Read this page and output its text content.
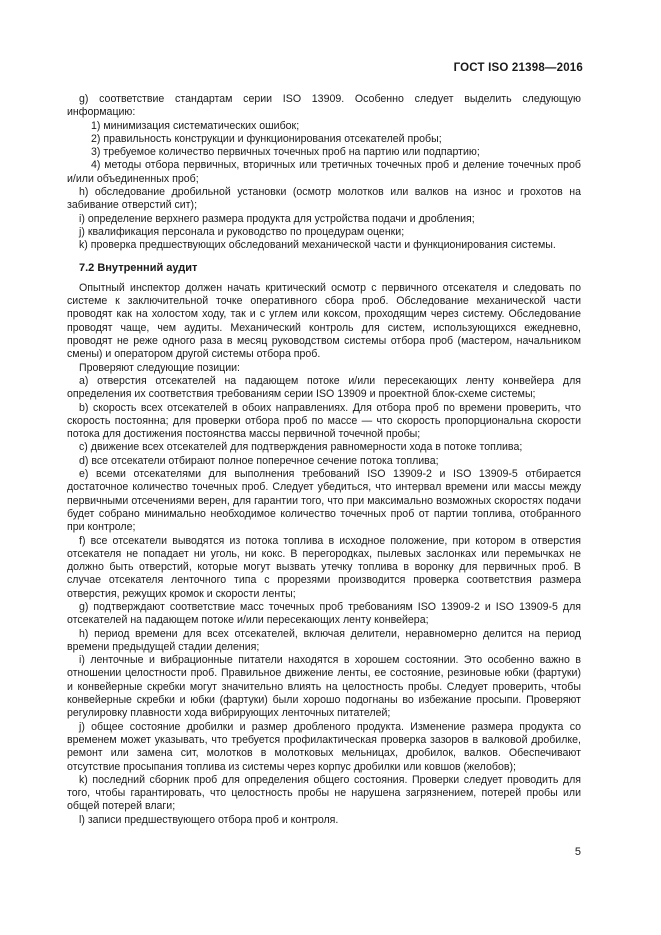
ГОСТ ISO 21398—2016

g) соответствие стандартам серии ISO 13909. Особенно следует выделить следующую информацию:

1) минимизация систематических ошибок;

2) правильность конструкции и функционирования отсекателей пробы;

3) требуемое количество первичных точечных проб на партию или подпартию;

4) методы отбора первичных, вторичных или третичных точечных проб и деление точечных проб и/или объединенных проб;

h) обследование дробильной установки (осмотр молотков или валков на износ и грохотов на забивание отверстий сит);

i) определение верхнего размера продукта для устройства подачи и дробления;

j) квалификация персонала и руководство по процедурам оценки;

k) проверка предшествующих обследований механической части и функционирования системы.

7.2 Внутренний аудит

Опытный инспектор должен начать критический осмотр с первичного отсекателя и следовать по системе к заключительной точке оперативного сбора проб. Обследование механической части проводят как на холостом ходу, так и с углем или коксом, проходящим через систему. Обследование проводят чаще, чем аудиты. Механический контроль для систем, использующихся ежедневно, проводят не реже одного раза в месяц руководством системы отбора проб (мастером, начальником смены) и оператором другой системы отбора проб.

Проверяют следующие позиции:

a) отверстия отсекателей на падающем потоке и/или пересекающих ленту конвейера для определения их соответствия требованиям серии ISO 13909 и проектной блок-схеме системы;

b) скорость всех отсекателей в обоих направлениях. Для отбора проб по времени проверить, что скорость постоянна; для проверки отбора проб по массе — что скорость пропорциональна скорости потока для достижения постоянства массы первичной точечной пробы;

c) движение всех отсекателей для подтверждения равномерности хода в потоке топлива;

d) все отсекатели отбирают полное поперечное сечение потока топлива;

e) всеми отсекателями для выполнения требований ISO 13909-2 и ISO 13909-5 отбирается достаточное количество точечных проб. Следует убедиться, что интервал времени или массы между первичными отсечениями верен, для гарантии того, что при максимально возможных скоростях подачи будет собрано минимально необходимое количество точечных проб от партии топлива, отобранного при контроле;

f) все отсекатели выводятся из потока топлива в исходное положение, при котором в отверстия отсекателя не попадает ни уголь, ни кокс. В перегородках, пылевых заслонках или перемычках не должно быть отверстий, которые могут вызвать утечку топлива в воронку для первичных проб. В случае отсекателя ленточного типа с прорезями производится проверка соответствия размера отверстия, режущих кромок и скорости ленты;

g) подтверждают соответствие масс точечных проб требованиям ISO 13909-2 и ISO 13909-5 для отсекателей на падающем потоке и/или пересекающих ленту конвейера;

h) период времени для всех отсекателей, включая делители, неравномерно делится на период времени предыдущей стадии деления;

i) ленточные и вибрационные питатели находятся в хорошем состоянии. Это особенно важно в отношении целостности проб. Правильное движение ленты, ее состояние, резиновые юбки (фартуки) и конвейерные скребки могут значительно влиять на целостность пробы. Следует проверить, чтобы конвейерные скребки и юбки (фартуки) были хорошо подогнаны во избежание просыпи. Проверяют регулировку плавности хода вибрирующих ленточных питателей;

j) общее состояние дробилки и размер дробленого продукта. Изменение размера продукта со временем может указывать, что требуется профилактическая проверка зазоров в валковой дробилке, ремонт или замена сит, молотков в молотковых мельницах, дробилок, валков. Обеспечивают отсутствие просыпания топлива из системы через корпус дробилки или ковшов (желобов);

k) последний сборник проб для определения общего состояния. Проверки следует проводить для того, чтобы гарантировать, что целостность пробы не нарушена загрязнением, потерей пробы или общей потерей влаги;

l) записи предшествующего отбора проб и контроля.

5
